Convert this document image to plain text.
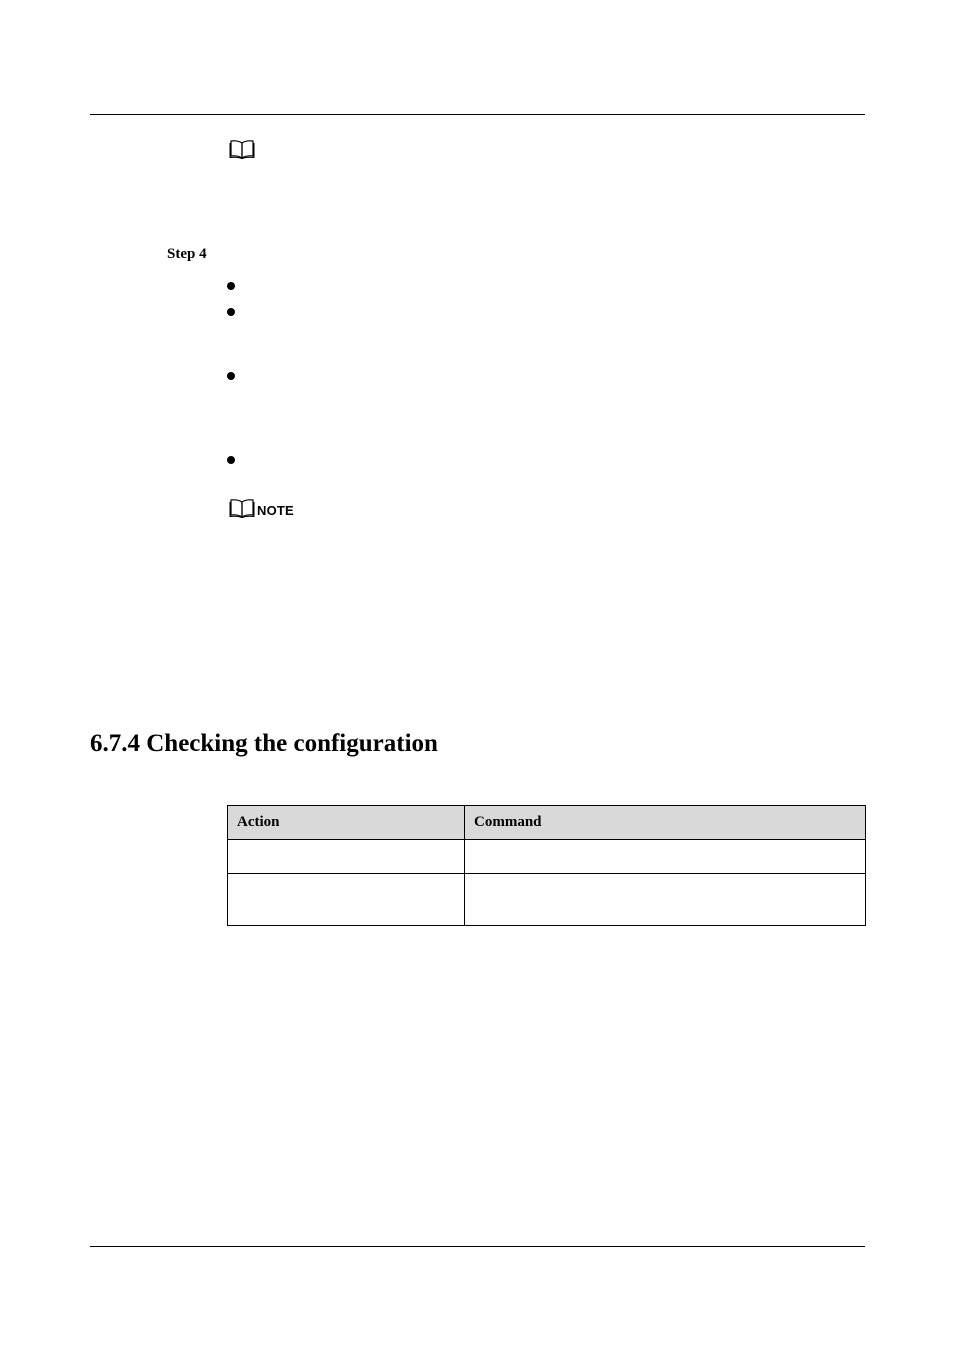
Step 4
NOTE
6.7.4 Checking the configuration
Action	Command
